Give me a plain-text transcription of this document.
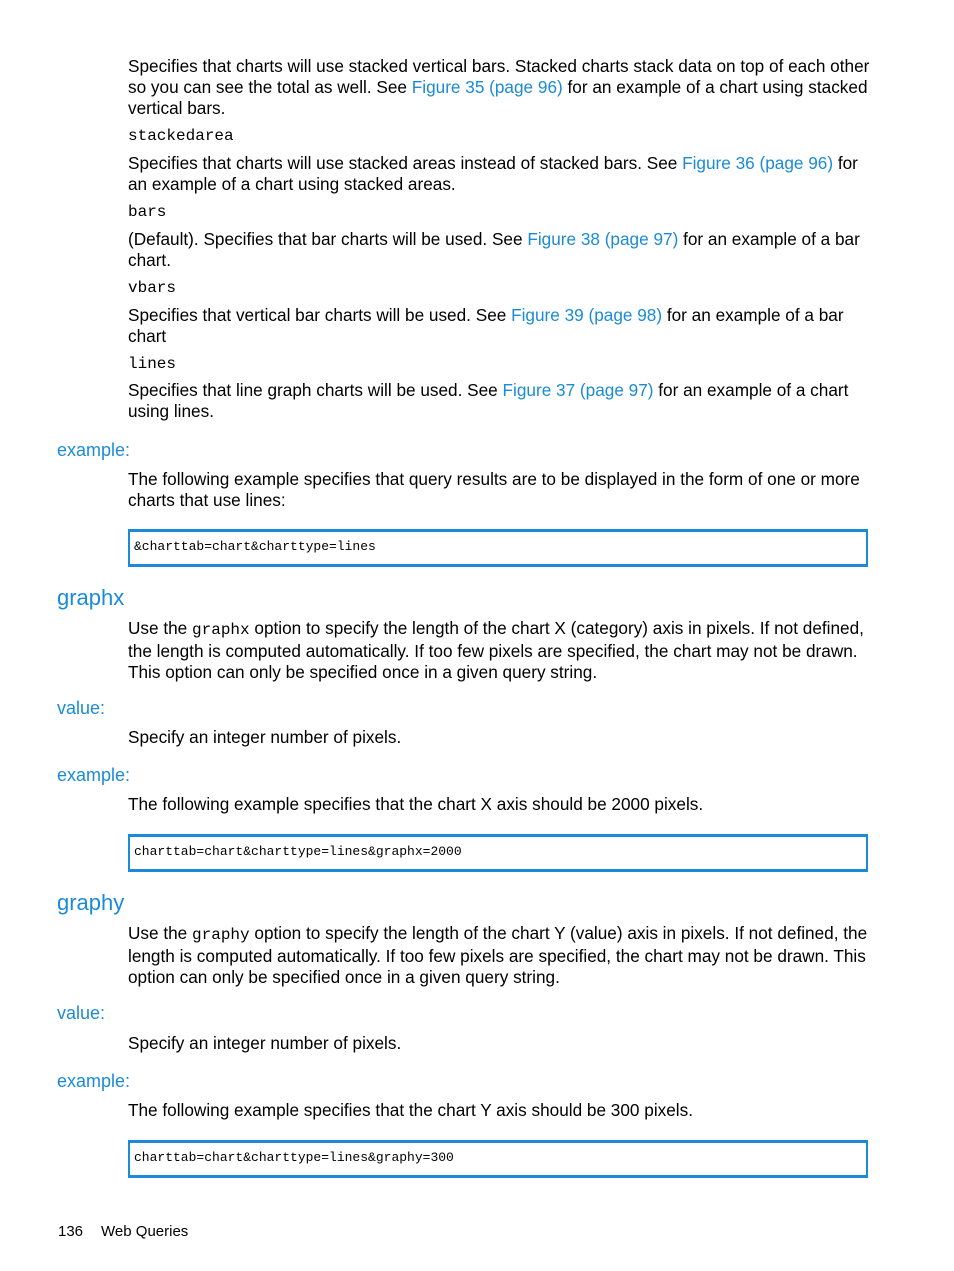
Specifies that charts will use stacked vertical bars. Stacked charts stack data on top of each other so you can see the total as well. See Figure 35 (page 96) for an example of a chart using stacked vertical bars.

stackedarea

Specifies that charts will use stacked areas instead of stacked bars. See Figure 36 (page 96) for an example of a chart using stacked areas.

bars

(Default). Specifies that bar charts will be used. See Figure 38 (page 97) for an example of a bar chart.

vbars

Specifies that vertical bar charts will be used. See Figure 39 (page 98) for an example of a bar chart

lines

Specifies that line graph charts will be used. See Figure 37 (page 97) for an example of a chart using lines.

example:

The following example specifies that query results are to be displayed in the form of one or more charts that use lines:

&charttab=chart&charttype=lines
graphx

Use the graphx option to specify the length of the chart X (category) axis in pixels. If not defined, the length is computed automatically. If too few pixels are specified, the chart may not be drawn. This option can only be specified once in a given query string.

value:

Specify an integer number of pixels.

example:

The following example specifies that the chart X axis should be 2000 pixels.

charttab=chart&charttype=lines&graphx=2000
graphy

Use the graphy option to specify the length of the chart Y (value) axis in pixels. If not defined, the length is computed automatically. If too few pixels are specified, the chart may not be drawn. This option can only be specified once in a given query string.

value:

Specify an integer number of pixels.

example:

The following example specifies that the chart Y axis should be 300 pixels.

charttab=chart&charttype=lines&graphy=300
136 Web Queries
